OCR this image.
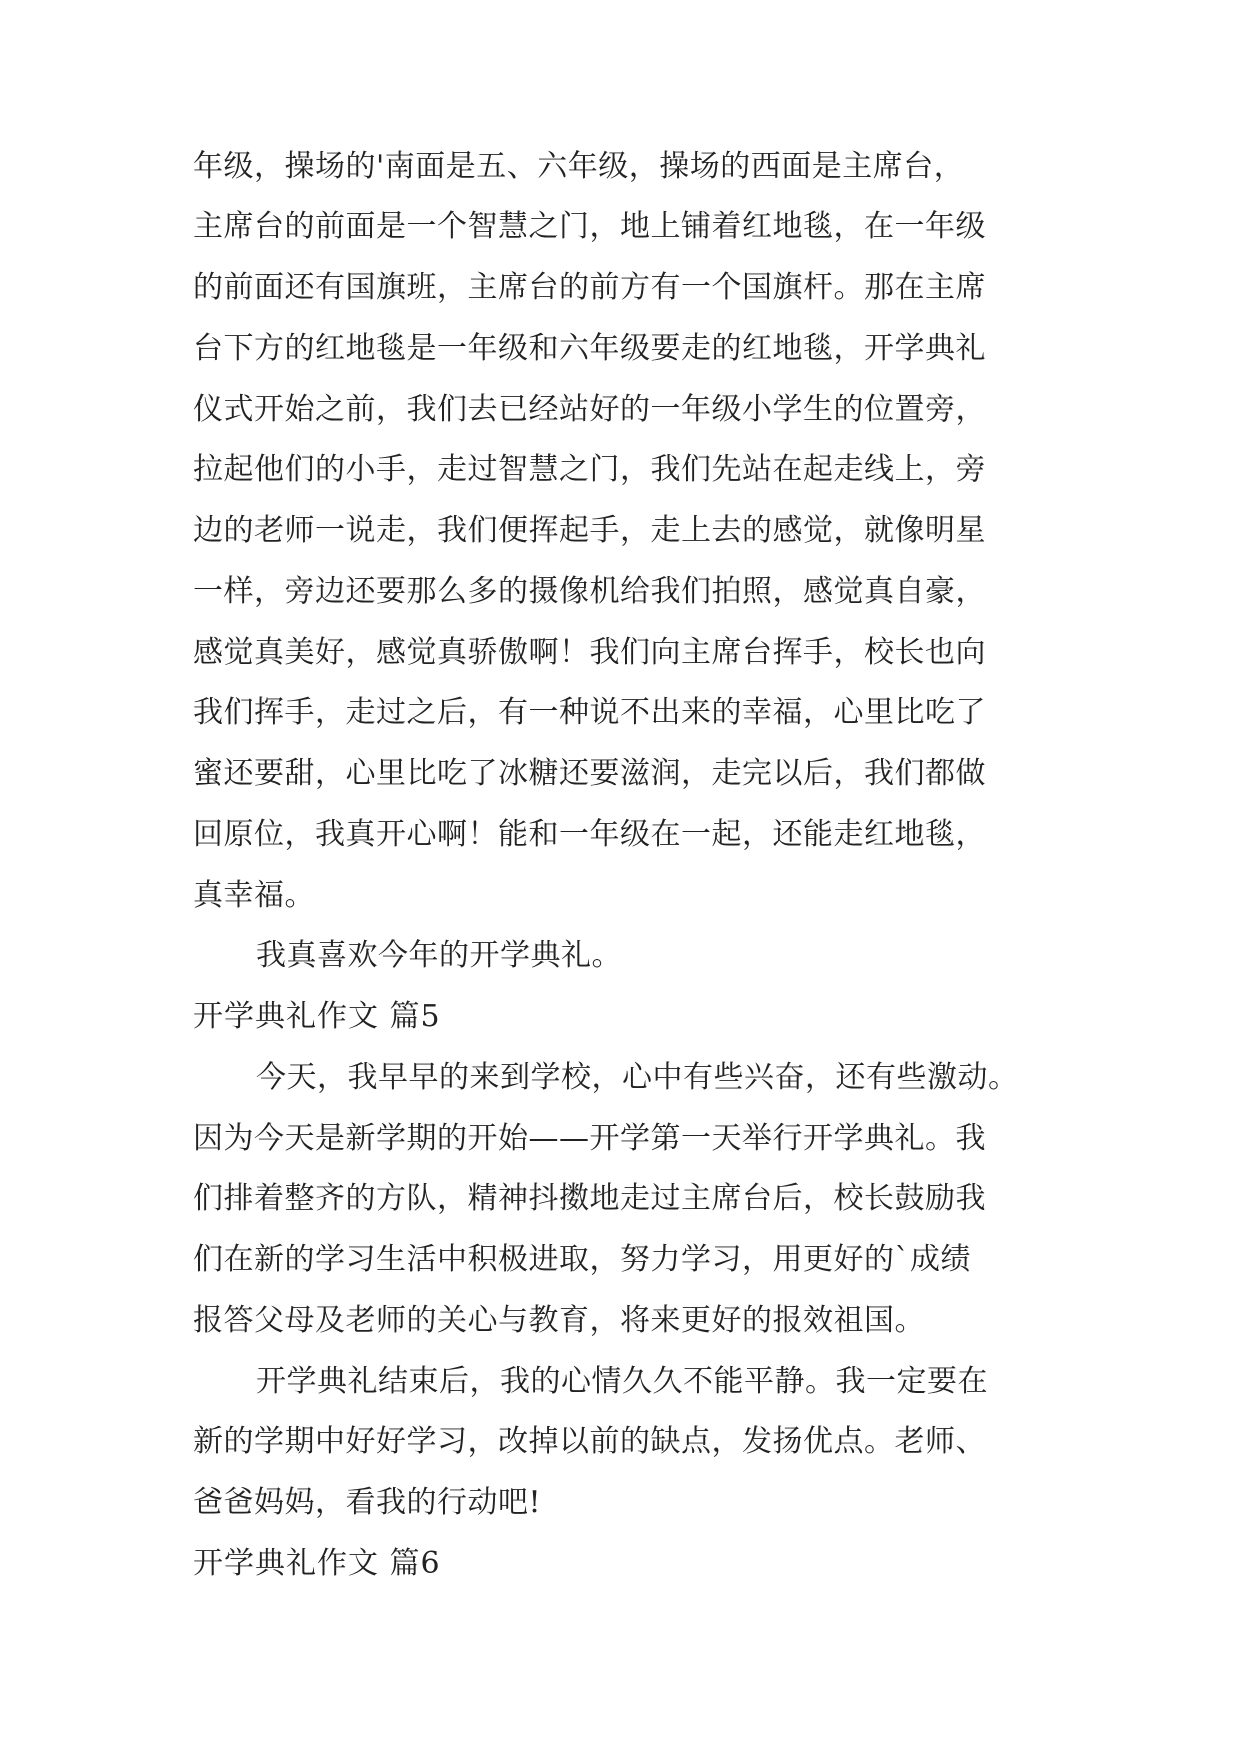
年级，操场的'南面是五、六年级，操场的西面是主席台，
主席台的前面是一个智慧之门，地上铺着红地毯，在一年级
的前面还有国旗班，主席台的前方有一个国旗杆。那在主席
台下方的红地毯是一年级和六年级要走的红地毯，开学典礼
仪式开始之前，我们去已经站好的一年级小学生的位置旁，
拉起他们的小手，走过智慧之门，我们先站在起走线上，旁
边的老师一说走，我们便挥起手，走上去的感觉，就像明星
一样，旁边还要那么多的摄像机给我们拍照，感觉真自豪，
感觉真美好，感觉真骄傲啊！我们向主席台挥手，校长也向
我们挥手，走过之后，有一种说不出来的幸福，心里比吃了
蜜还要甜，心里比吃了冰糖还要滋润，走完以后，我们都做
回原位，我真开心啊！能和一年级在一起，还能走红地毯，
真幸福。
我真喜欢今年的开学典礼。
开学典礼作文 篇5
今天，我早早的来到学校，心中有些兴奋，还有些激动。
因为今天是新学期的开始——开学第一天举行开学典礼。我
们排着整齐的方队，精神抖擞地走过主席台后，校长鼓励我
们在新的学习生活中积极进取，努力学习，用更好的`成绩
报答父母及老师的关心与教育，将来更好的报效祖国。
开学典礼结束后，我的心情久久不能平静。我一定要在
新的学期中好好学习，改掉以前的缺点，发扬优点。老师、
爸爸妈妈，看我的行动吧!
开学典礼作文 篇6
